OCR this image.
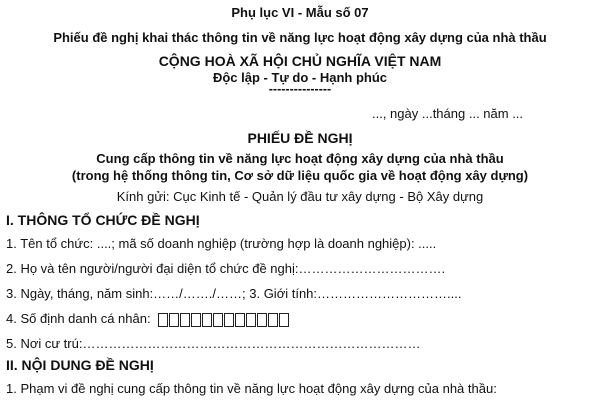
Phụ lục VI - Mẫu số 07
Phiếu đề nghị khai thác thông tin về năng lực hoạt động xây dựng của nhà thầu
CỘNG HOÀ XÃ HỘI CHỦ NGHĨA VIỆT NAM
Độc lập - Tự do - Hạnh phúc
---------------
..., ngày ...tháng ... năm ...
PHIẾU ĐỀ NGHỊ
Cung cấp thông tin về năng lực hoạt động xây dựng của nhà thầu
(trong hệ thống thông tin, Cơ sở dữ liệu quốc gia về hoạt động xây dựng)
Kính gửi: Cục Kinh tế - Quản lý đầu tư xây dựng - Bộ Xây dựng
I. THÔNG TỔ CHỨC ĐỀ NGHỊ
1. Tên tổ chức: ....; mã số doanh nghiệp (trường hợp là doanh nghiệp): .....
2. Họ và tên người/người đại diện tổ chức đề nghị:…………………………….
3. Ngày, tháng, năm sinh:……/……./……; 3. Giới tính:…………………………....
4. Số định danh cá nhân:
5. Nơi cư trú:……………………………………………………………………
II. NỘI DUNG ĐỀ NGHỊ
1. Phạm vi đề nghị cung cấp thông tin về năng lực hoạt động xây dựng của nhà thầu:
